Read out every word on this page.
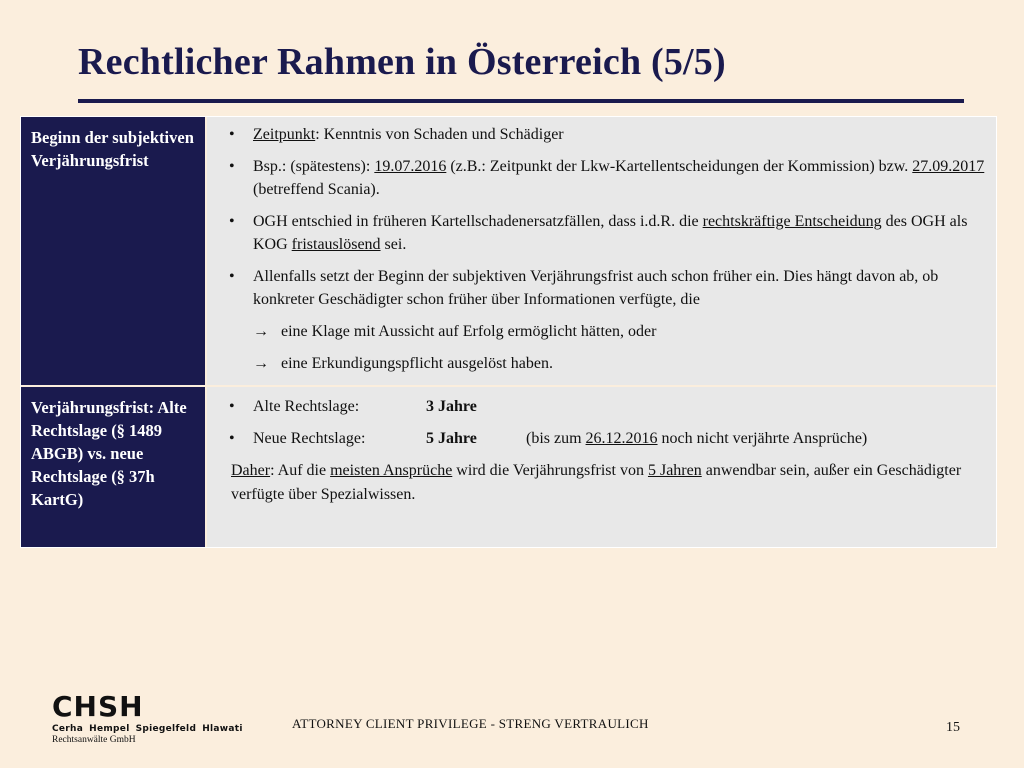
Rechtlicher Rahmen in Österreich (5/5)
Beginn der subjektiven Verjährungsfrist
• Zeitpunkt: Kenntnis von Schaden und Schädiger
• Bsp.: (spätestens): 19.07.2016 (z.B.: Zeitpunkt der Lkw-Kartellentscheidungen der Kommission) bzw. 27.09.2017 (betreffend Scania).
• OGH entschied in früheren Kartellschadenersatzfällen, dass i.d.R. die rechtskräftige Entscheidung des OGH als KOG fristauslösend sei.
• Allenfalls setzt der Beginn der subjektiven Verjährungsfrist auch schon früher ein. Dies hängt davon ab, ob konkreter Geschädigter schon früher über Informationen verfügte, die
→ eine Klage mit Aussicht auf Erfolg ermöglicht hätten, oder
→ eine Erkundigungspflicht ausgelöst haben.
Verjährungsfrist: Alte Rechtslage (§ 1489 ABGB) vs. neue Rechtslage (§ 37h KartG)
• Alte Rechtslage:	3 Jahre
• Neue Rechtslage:	5 Jahre	(bis zum 26.12.2016 noch nicht verjährte Ansprüche)
Daher: Auf die meisten Ansprüche wird die Verjährungsfrist von 5 Jahren anwendbar sein, außer ein Geschädigter verfügte über Spezialwissen.
CHSH
Cerha Hempel Spiegelfeld Hlawati
Rechtsanwälte GmbH
ATTORNEY CLIENT PRIVILEGE - STRENG VERTRAULICH	15
